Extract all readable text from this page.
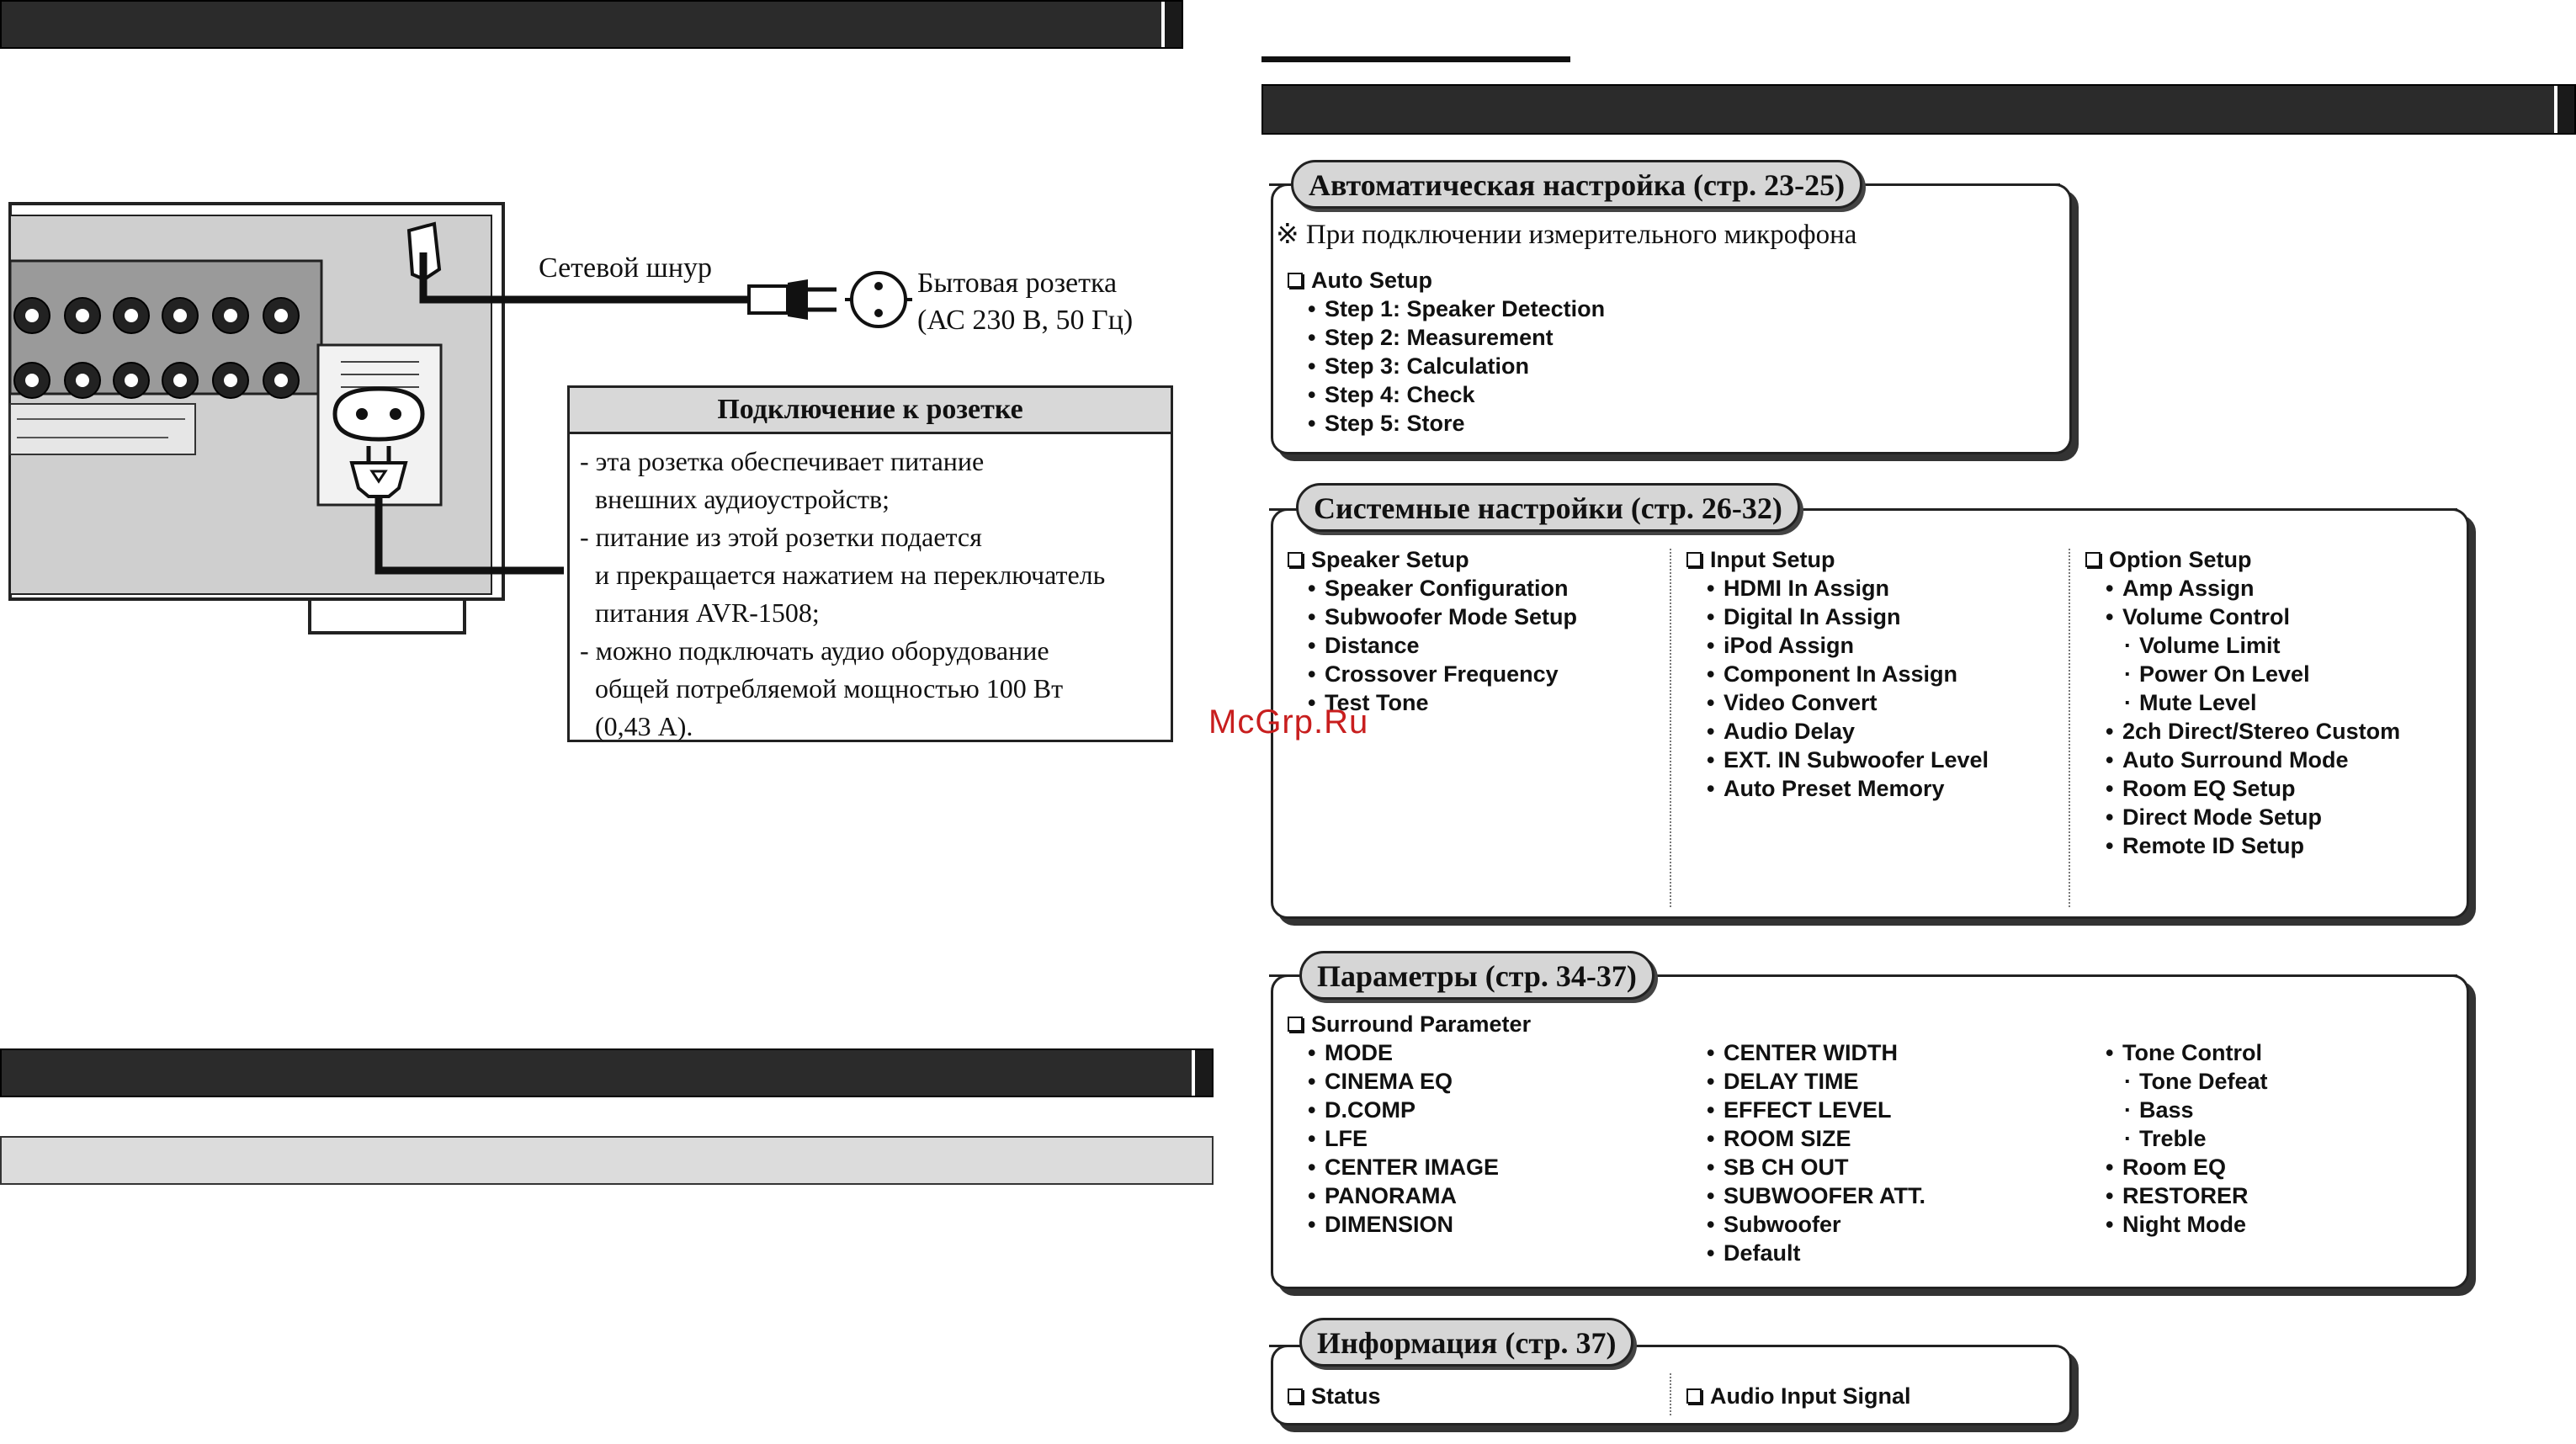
Сетевой шнур	Бытовая розетка
(АС 230 В, 50 Гц)
Подключение к розетке
- эта розетка обеспечивает питание
внешних аудиоустройств;
- питание из этой розетки подается
и прекращается нажатием на переключатель
питания AVR-1508;
- можно подключать аудио оборудование
общей потребляемой мощностью 100 Вт
(0,43 А).
Автоматическая настройка (стр. 23-25)
※ При подключении измерительного микрофона
Auto Setup
• Step 1: Speaker Detection
• Step 2: Measurement
• Step 3: Calculation
• Step 4: Check
• Step 5: Store
Системные настройки (стр. 26-32)
Speaker Setup
• Speaker Configuration
• Subwoofer Mode Setup
• Distance
• Crossover Frequency
• Test Tone
Input Setup
• HDMI In Assign
• Digital In Assign
• iPod Assign
• Component In Assign
• Video Convert
• Audio Delay
• EXT. IN Subwoofer Level
• Auto Preset Memory
Option Setup
• Amp Assign
• Volume Control
· Volume Limit
· Power On Level
· Mute Level
• 2ch Direct/Stereo Custom
• Auto Surround Mode
• Room EQ Setup
• Direct Mode Setup
• Remote ID Setup
Параметры (стр. 34-37)
Surround Parameter
• MODE
• CINEMA EQ
• D.COMP
• LFE
• CENTER IMAGE
• PANORAMA
• DIMENSION
• CENTER WIDTH
• DELAY TIME
• EFFECT LEVEL
• ROOM SIZE
• SB CH OUT
• SUBWOOFER ATT.
• Subwoofer
• Default
• Tone Control
· Tone Defeat
· Bass
· Treble
• Room EQ
• RESTORER
• Night Mode
Информация (стр. 37)
Status	Audio Input Signal
McGrp.Ru
